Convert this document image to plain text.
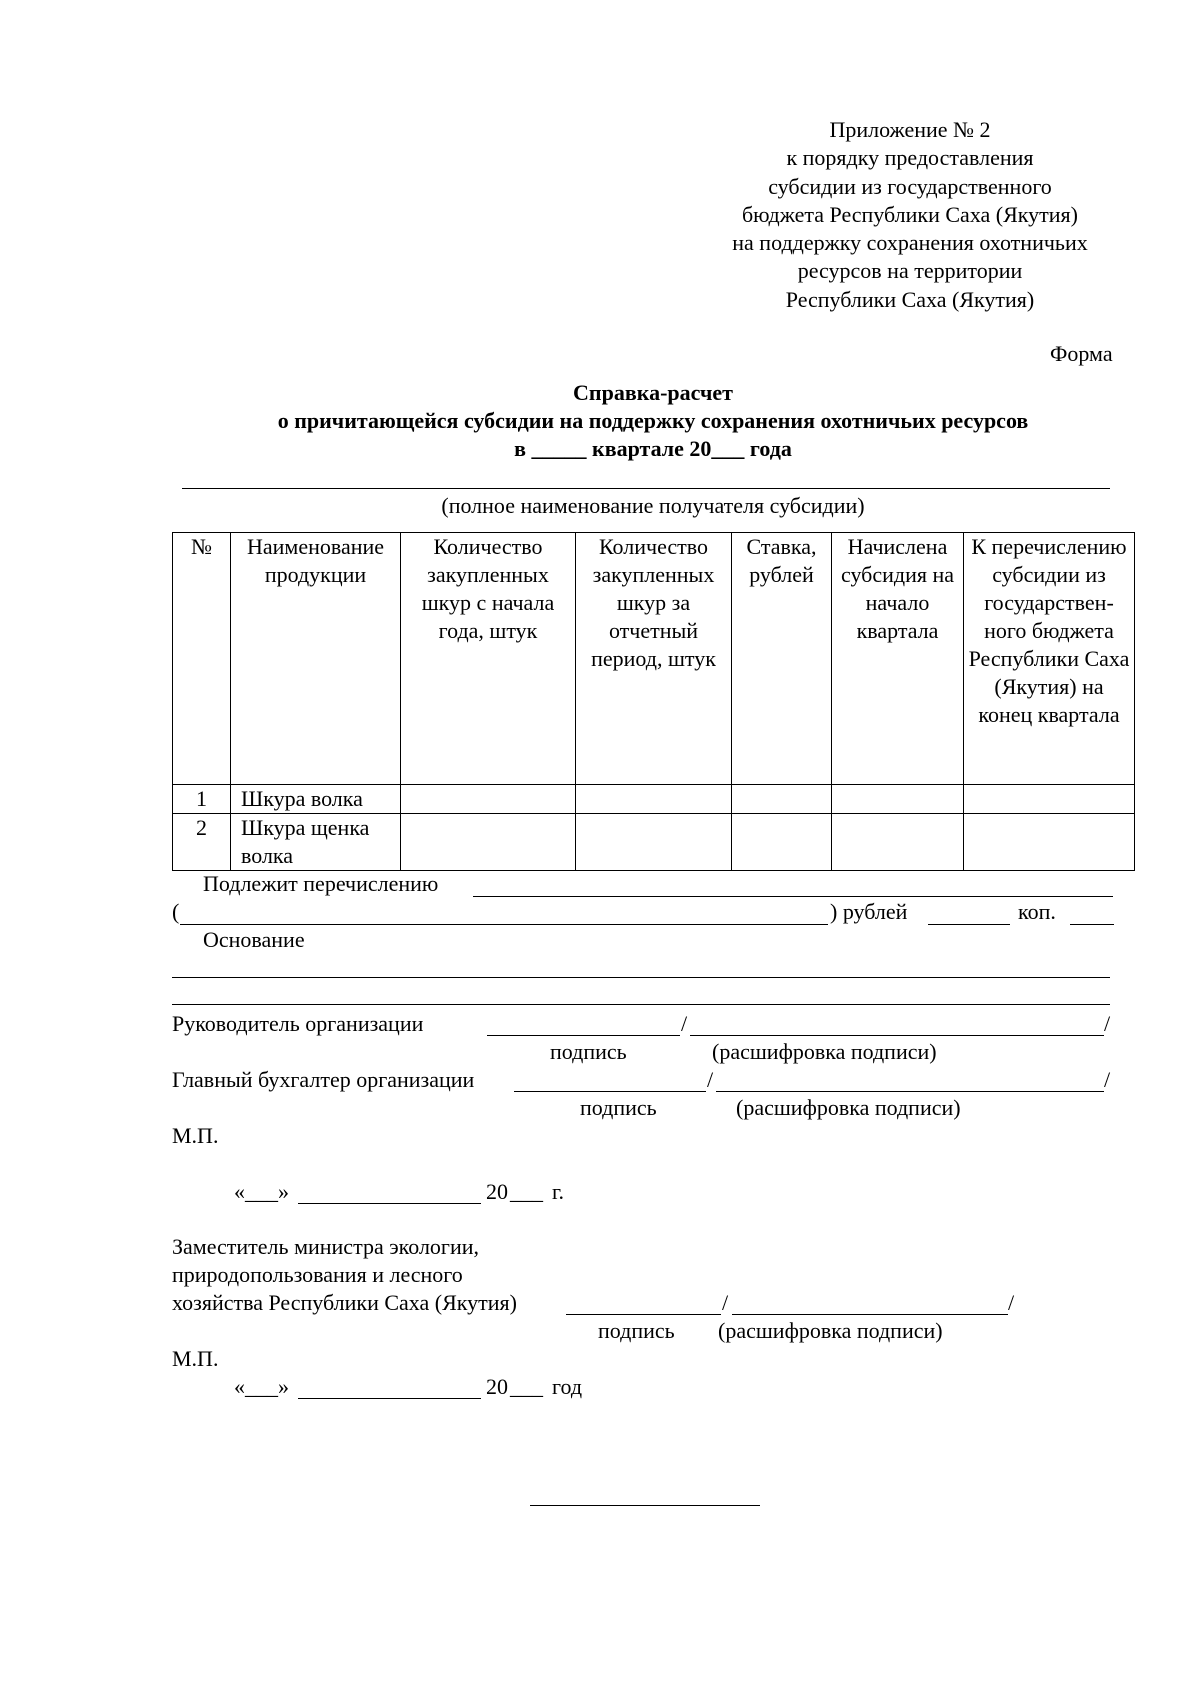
Приложение № 2
к порядку предоставления
субсидии из государственного
бюджета Республики Саха (Якутия)
на поддержку сохранения охотничьих
ресурсов на территории
Республики Саха (Якутия)
Форма
Справка-расчет
о причитающейся субсидии на поддержку сохранения охотничьих ресурсов
в _____ квартале 20___ года
(полное наименование получателя субсидии)
№	Наименование продукции	Количество закупленных шкур с начала года, штук	Количество закупленных шкур за отчетный период, штук	Ставка, рублей	Начислена субсидия на начало квартала	К перечислению субсидии из государствен-ного бюджета Республики Саха (Якутия) на конец квартала
1	Шкура волка					
2	Шкура щенка волка					
Подлежит перечислению
(	) рублей	коп.
Основание
Руководитель организации	/	/
подпись	(расшифровка подписи)
Главный бухгалтер организации	/	/
подпись	(расшифровка подписи)
М.П.
«___»	20 ___ г.
Заместитель министра экологии,
природопользования и лесного
хозяйства Республики Саха (Якутия)	/	/
подпись (расшифровка подписи)
М.П.
«___»	20 ___ год
